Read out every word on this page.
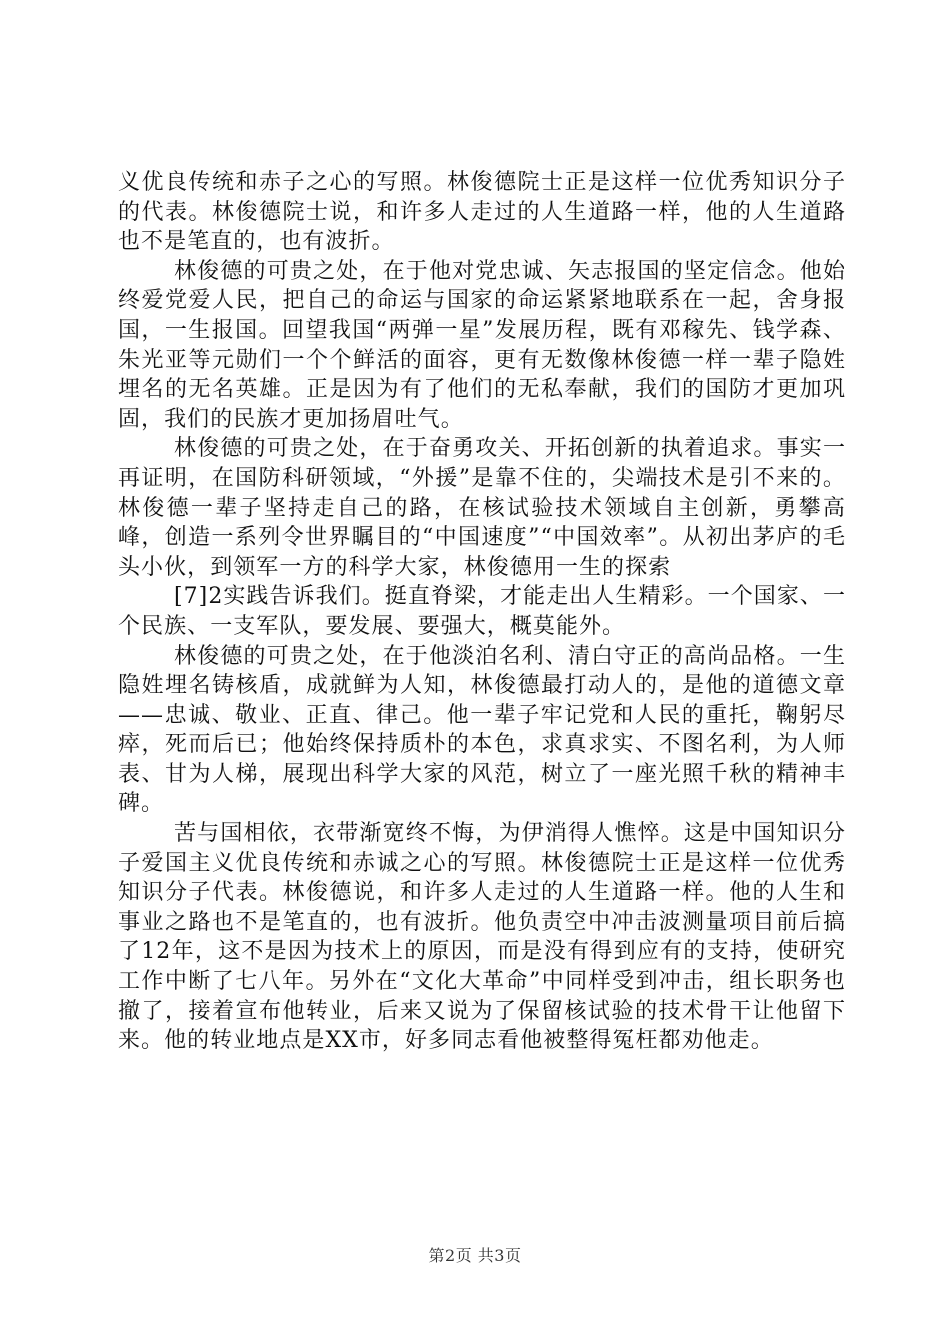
义优良传统和赤子之心的写照。林俊德院士正是这样一位优秀知识分子的代表。林俊德院士说，和许多人走过的人生道路一样，他的人生道路也不是笔直的，也有波折。

林俊德的可贵之处，在于他对党忠诚、矢志报国的坚定信念。他始终爱党爱人民，把自己的命运与国家的命运紧紧地联系在一起，舍身报国，一生报国。回望我国“两弹一星”发展历程，既有邓稼先、钱学森、朱光亚等元勋们一个个鲜活的面容，更有无数像林俊德一样一辈子隐姓埋名的无名英雄。正是因为有了他们的无私奉献，我们的国防才更加巩固，我们的民族才更加扬眉吐气。

林俊德的可贵之处，在于奋勇攻关、开拓创新的执着追求。事实一再证明，在国防科研领域，“外援”是靠不住的，尖端技术是引不来的。林俊德一辈子坚持走自己的路，在核试验技术领域自主创新，勇攀高峰，创造一系列令世界瞩目的“中国速度”“中国效率”。从初出茅庐的毛头小伙，到领军一方的科学大家，林俊德用一生的探索

[7]2实践告诉我们。挺直脊梁，才能走出人生精彩。一个国家、一个民族、一支军队，要发展、要强大，概莫能外。

林俊德的可贵之处，在于他淡泊名利、清白守正的高尚品格。一生隐姓埋名铸核盾，成就鲜为人知，林俊德最打动人的，是他的道德文章——忠诚、敬业、正直、律己。他一辈子牢记党和人民的重托，鞠躬尽瘁，死而后已；他始终保持质朴的本色，求真求实、不图名利，为人师表、甘为人梯，展现出科学大家的风范，树立了一座光照千秋的精神丰碑。

苦与国相依，衣带渐宽终不悔，为伊消得人憔悴。这是中国知识分子爱国主义优良传统和赤诚之心的写照。林俊德院士正是这样一位优秀知识分子代表。林俊德说，和许多人走过的人生道路一样。他的人生和事业之路也不是笔直的，也有波折。他负责空中冲击波测量项目前后搞了12年，这不是因为技术上的原因，而是没有得到应有的支持，使研究工作中断了七八年。另外在“文化大革命”中同样受到冲击，组长职务也撤了，接着宣布他转业，后来又说为了保留核试验的技术骨干让他留下来。他的转业地点是XX市，好多同志看他被整得冤枉都劝他走。

第2页 共3页
